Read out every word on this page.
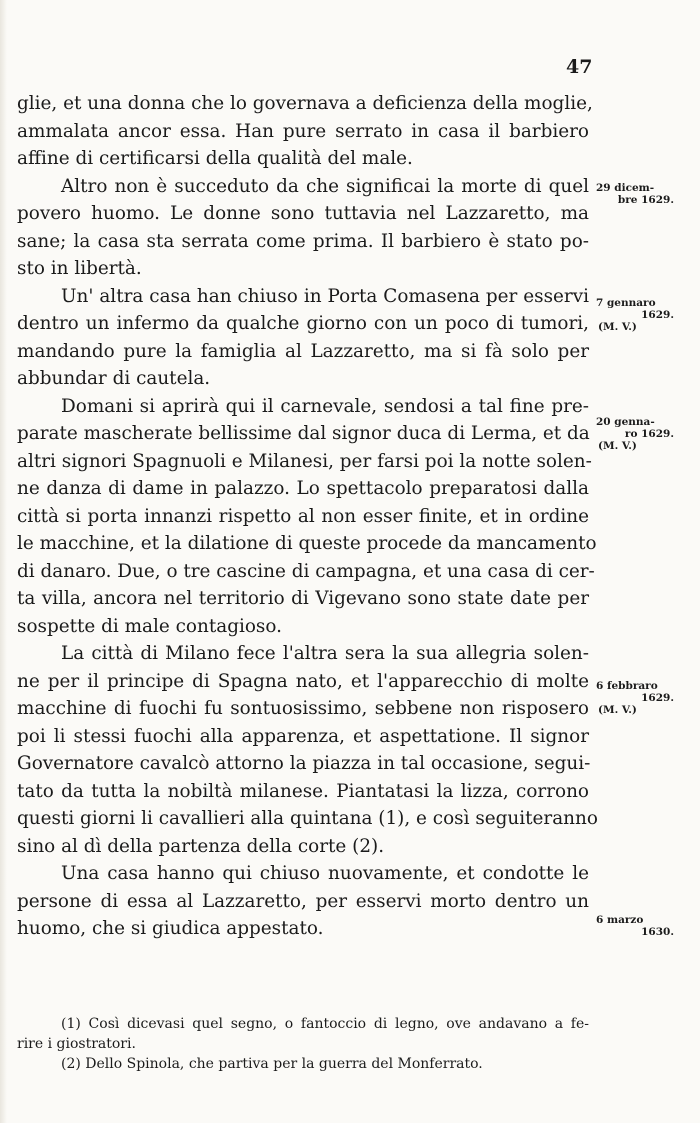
47
glie, et una donna che lo governava a deficienza della moglie,
ammalata ancor essa. Han pure serrato in casa il barbiero
affine di certificarsi della qualità del male.
Altro non è succeduto da che significai la morte di quel
povero huomo. Le donne sono tuttavia nel Lazzaretto, ma
sane; la casa sta serrata come prima. Il barbiero è stato po-
sto in libertà.
Un' altra casa han chiuso in Porta Comasena per esservi
dentro un infermo da qualche giorno con un poco di tumori,
mandando pure la famiglia al Lazzaretto, ma si fà solo per
abbundar di cautela.
Domani si aprirà qui il carnevale, sendosi a tal fine pre-
parate mascherate bellissime dal signor duca di Lerma, et da
altri signori Spagnuoli e Milanesi, per farsi poi la notte solen-
ne danza di dame in palazzo. Lo spettacolo preparatosi dalla
città si porta innanzi rispetto al non esser finite, et in ordine
le macchine, et la dilatione di queste procede da mancamento
di danaro. Due, o tre cascine di campagna, et una casa di cer-
ta villa, ancora nel territorio di Vigevano sono state date per
sospette di male contagioso.
La città di Milano fece l'altra sera la sua allegria solen-
ne per il principe di Spagna nato, et l'apparecchio di molte
macchine di fuochi fu sontuosissimo, sebbene non risposero
poi li stessi fuochi alla apparenza, et aspettatione. Il signor
Governatore cavalcò attorno la piazza in tal occasione, segui-
tato da tutta la nobiltà milanese. Piantatasi la lizza, corrono
questi giorni li cavallieri alla quintana (1), e così seguiteranno
sino al dì della partenza della corte (2).
Una casa hanno qui chiuso nuovamente, et condotte le
persone di essa al Lazzaretto, per esservi morto dentro un
huomo, che si giudica appestato.
29 dicem-
bre 1629.
7 gennaro
1629.
(M. V.)
20 genna-
ro 1629.
(M. V.)
6 febbraro
1629.
(M. V.)
6 marzo
1630.
(1) Così dicevasi quel segno, o fantoccio di legno, ove andavano a fe-
rire i giostratori.
(2) Dello Spinola, che partiva per la guerra del Monferrato.
